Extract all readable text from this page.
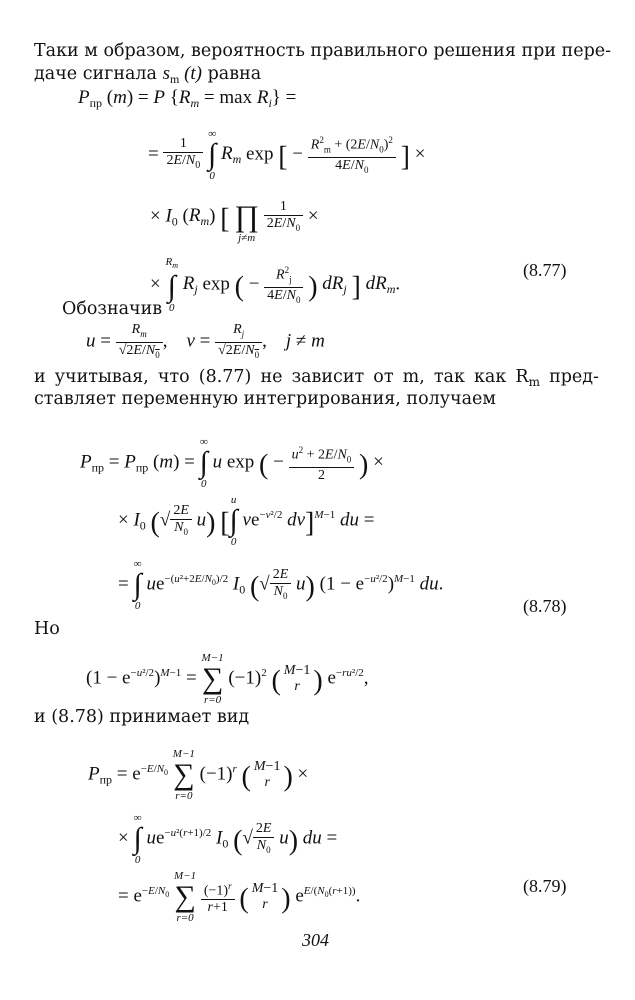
Таки м образом, вероятность правильного решения при пере-
даче сигнала $s_m$ (t) равна
$P_{пр}$ (m) = P $\{R_m = \max R_i\}$ =
= $\frac{1}{2E/N_0}$

∞
∫
0
$R_m$ exp [ − $\frac{R^2_m + (2E/N_0)^2}{4E/N_0}$ ] ×
× $I_0$ $(R_m)$ [
∏
j≠m

$\frac{1}{2E/N_0}$ ×
×
$R_m$
∫
0
$R_j$ exp ( − $\frac{R^2_j}{4E/N_0}$ ) $dR_j$ ] $dR_m$.
(8.77)
Обозначив
$u = \frac{R_m}{√2E/N_0}$ ,    $v = \frac{R_j}{√2E/N_0}$ ,    j ≠ m
и учитывая, что (8.77) не зависит от m, так как $R_m$ пред-
ставляет переменную интегрирования, получаем
$P_{пр} = P_{пр}$ (m) =
∞
∫
0
u exp ( − $\frac{u^2 + 2E/N_0}{2}$ ) ×
× $I_0$ (√ $\frac{2E}{N_0} u$) [
u
∫
0
$ve^{-v^2/2}$ dv]$^{M-1}$ du =
=
∞
∫
0
$ue^{-(u^2+2E/N_0)/2}$ $I_0$ (√ $\frac{2E}{N_0} u$) $(1 - e^{-u^2/2})^{M-1}$ du.
(8.78)
Но
$(1 - e^{-u^2/2})^{M-1}$ =
M−1
∑
r=0
$(-1)^2$ ( M−1
r ) $e^{-ru^2/2}$,
и (8.78) принимает вид
$P_{пр} = e^{-E/N_0}$
M−1
∑
r=0
$(-1)^r$ ( M−1
r ) ×
×
∞
∫
0
$ue^{-u^2(r+1)/2}$ $I_0$ (√ $\frac{2E}{N_0} u$) du =
= $e^{-E/N_0}$
M−1
∑
r=0

$\frac{(-1)^r}{r+1}$ ( M−1
r ) $e^{E/(N_0(r+1))}$.	(8.79)
304
